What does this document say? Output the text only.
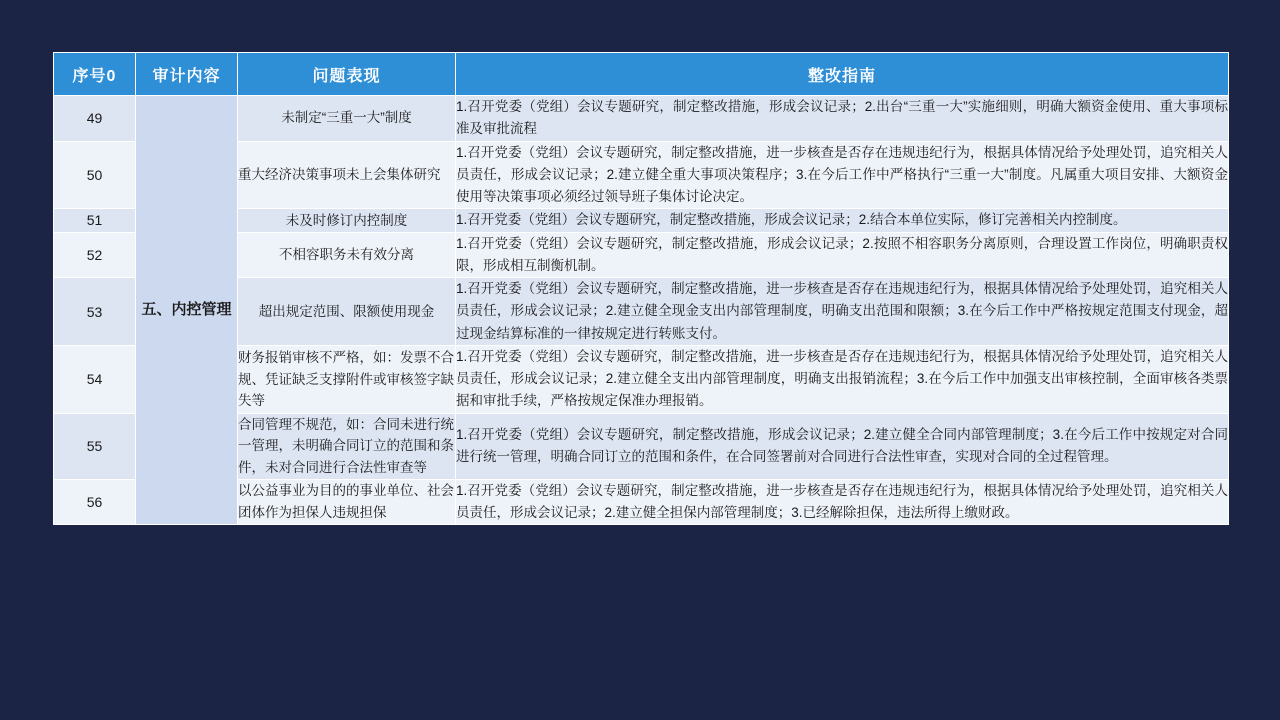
序号0	审计内容	问题表现	整改指南
49	五、内控管理	未制定“三重一大”制度	1.召开党委（党组）会议专题研究，制定整改措施，形成会议记录；2.出台“三重一大”实施细则，明确大额资金使用、重大事项标准及审批流程
50		重大经济决策事项未上会集体研究	1.召开党委（党组）会议专题研究，制定整改措施，进一步核查是否存在违规违纪行为，根据具体情况给予处理处罚，追究相关人员责任，形成会议记录；2.建立健全重大事项决策程序；3.在今后工作中严格执行“三重一大”制度。凡属重大项目安排、大额资金使用等决策事项必须经过领导班子集体讨论决定。
51		未及时修订内控制度	1.召开党委（党组）会议专题研究，制定整改措施，形成会议记录；2.结合本单位实际，修订完善相关内控制度。
52		不相容职务未有效分离	1.召开党委（党组）会议专题研究，制定整改措施，形成会议记录；2.按照不相容职务分离原则，合理设置工作岗位，明确职责权限，形成相互制衡机制。
53		超出规定范围、限额使用现金	1.召开党委（党组）会议专题研究，制定整改措施，进一步核查是否存在违规违纪行为，根据具体情况给予处理处罚，追究相关人员责任，形成会议记录；2.建立健全现金支出内部管理制度，明确支出范围和限额；3.在今后工作中严格按规定范围支付现金，超过现金结算标准的一律按规定进行转账支付。
54		财务报销审核不严格，如：发票不合规、凭证缺乏支撑附件或审核签字缺失等	1.召开党委（党组）会议专题研究，制定整改措施，进一步核查是否存在违规违纪行为，根据具体情况给予处理处罚，追究相关人员责任，形成会议记录；2.建立健全支出内部管理制度，明确支出报销流程；3.在今后工作中加强支出审核控制，全面审核各类票据和审批手续，严格按规定保准办理报销。
55		合同管理不规范，如：合同未进行统一管理，未明确合同订立的范围和条件，未对合同进行合法性审查等	1.召开党委（党组）会议专题研究，制定整改措施，形成会议记录；2.建立健全合同内部管理制度；3.在今后工作中按规定对合同进行统一管理，明确合同订立的范围和条件，在合同签署前对合同进行合法性审查，实现对合同的全过程管理。
56		以公益事业为目的的事业单位、社会团体作为担保人违规担保	1.召开党委（党组）会议专题研究，制定整改措施，进一步核查是否存在违规违纪行为，根据具体情况给予处理处罚，追究相关人员责任，形成会议记录；2.建立健全担保内部管理制度；3.已经解除担保，违法所得上缴财政。
